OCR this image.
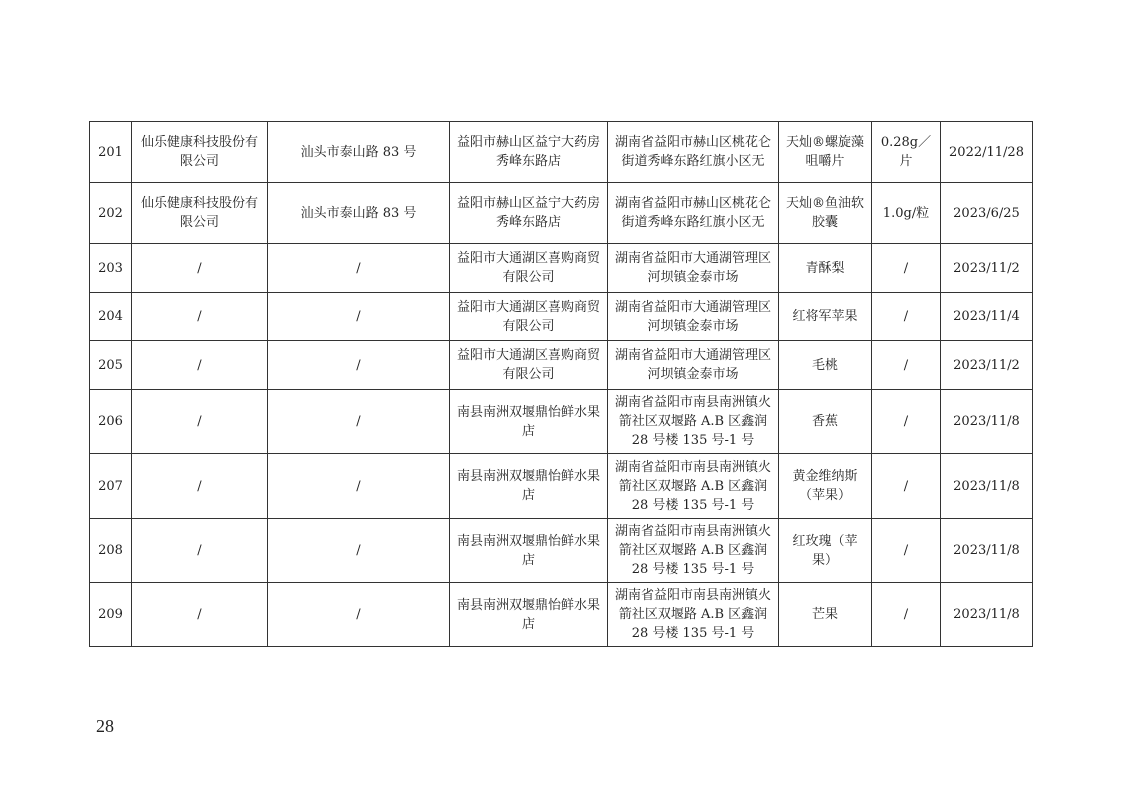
201	仙乐健康科技股份有限公司	汕头市泰山路 83 号	益阳市赫山区益宁大药房秀峰东路店	湖南省益阳市赫山区桃花仑街道秀峰东路红旗小区无	天灿®螺旋藻咀嚼片	0.28g／片	2022/11/28
202	仙乐健康科技股份有限公司	汕头市泰山路 83 号	益阳市赫山区益宁大药房秀峰东路店	湖南省益阳市赫山区桃花仑街道秀峰东路红旗小区无	天灿®鱼油软胶囊	1.0g/粒	2023/6/25
203	/	/	益阳市大通湖区喜购商贸有限公司	湖南省益阳市大通湖管理区河坝镇金泰市场	青酥梨	/	2023/11/2
204	/	/	益阳市大通湖区喜购商贸有限公司	湖南省益阳市大通湖管理区河坝镇金泰市场	红将军苹果	/	2023/11/4
205	/	/	益阳市大通湖区喜购商贸有限公司	湖南省益阳市大通湖管理区河坝镇金泰市场	毛桃	/	2023/11/2
206	/	/	南县南洲双堰鼎怡鲜水果店	湖南省益阳市南县南洲镇火箭社区双堰路 A.B 区鑫润 28 号楼 135 号-1 号	香蕉	/	2023/11/8
207	/	/	南县南洲双堰鼎怡鲜水果店	湖南省益阳市南县南洲镇火箭社区双堰路 A.B 区鑫润 28 号楼 135 号-1 号	黄金维纳斯（苹果）	/	2023/11/8
208	/	/	南县南洲双堰鼎怡鲜水果店	湖南省益阳市南县南洲镇火箭社区双堰路 A.B 区鑫润 28 号楼 135 号-1 号	红玫瑰（苹果）	/	2023/11/8
209	/	/	南县南洲双堰鼎怡鲜水果店	湖南省益阳市南县南洲镇火箭社区双堰路 A.B 区鑫润 28 号楼 135 号-1 号	芒果	/	2023/11/8
28
